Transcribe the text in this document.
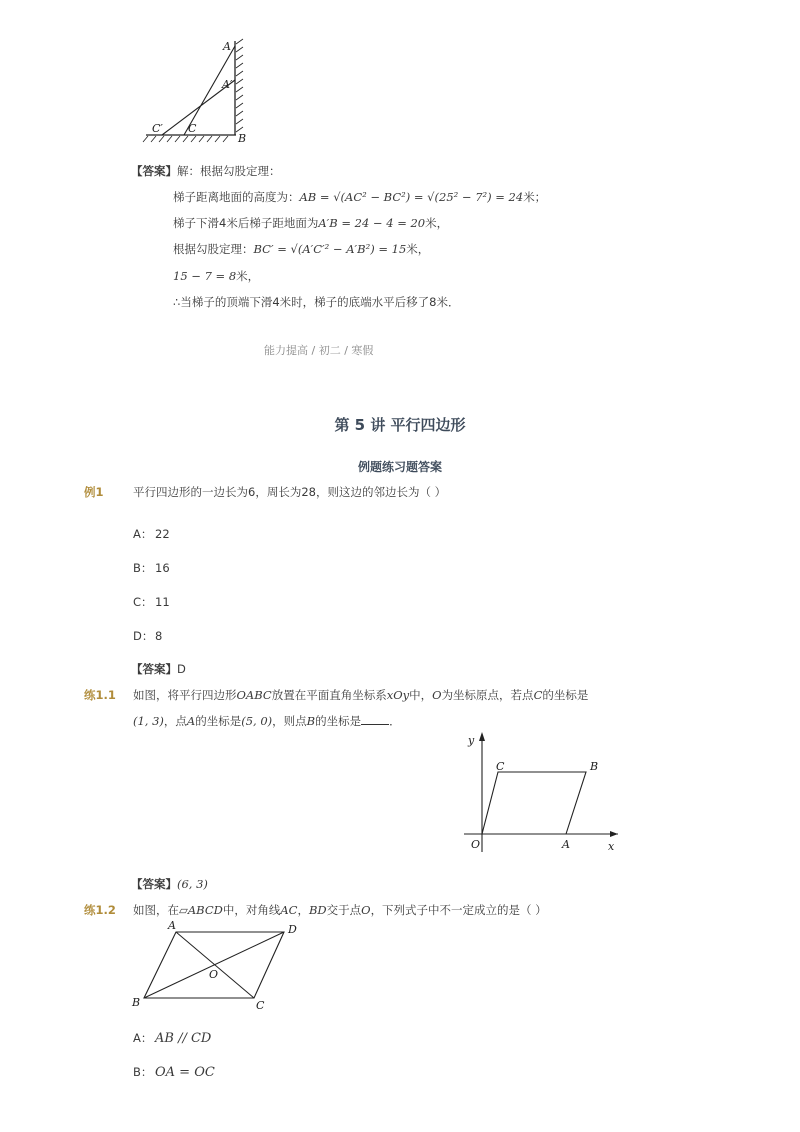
A
A′
C′ C
B
【答案】解：根据勾股定理：
梯子距离地面的高度为：AB = √(AC² − BC²) = √(25² − 7²) = 24米；
梯子下滑4米后梯子距地面为A′B = 24 − 4 = 20米，
根据勾股定理：BC′ = √(A′C′² − A′B²) = 15米，
15 − 7 = 8米，
∴当梯子的顶端下滑4米时，梯子的底端水平后移了8米．
能力提高 / 初二 / 寒假
第 5 讲 平行四边形
例题练习题答案
例1	平行四边形的一边长为6，周长为28，则这边的邻边长为（ ）
A： 22
B： 16
C： 11
D： 8
【答案】D
练1.1 如图，将平行四边形OABC放置在平面直角坐标系xOy中，O为坐标原点，若点C的坐标是
(1, 3)，点A的坐标是(5, 0)，则点B的坐标是 ．
y
x
O	A
B
C
【答案】(6, 3)
练1.2 如图，在▱ABCD中，对角线AC，BD交于点O，下列式子中不一定成立的是（ ）
A	D
O
B	C
A： AB // CD
B： OA = OC
